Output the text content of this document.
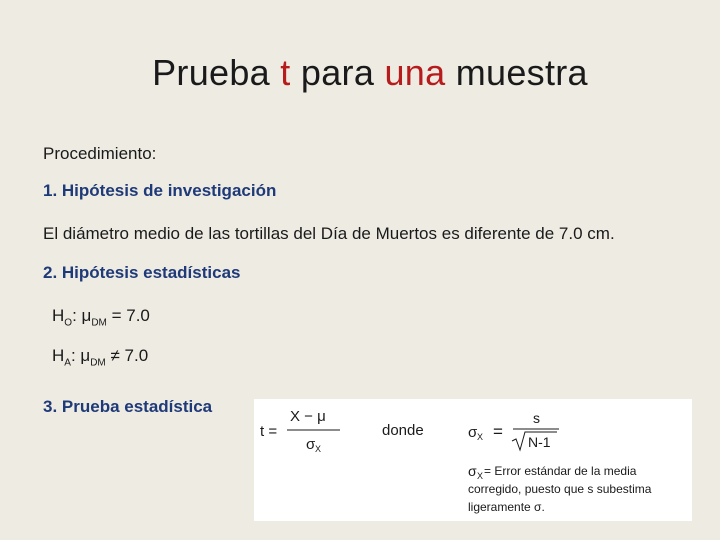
Prueba t para una muestra
Procedimiento:
1. Hipótesis de investigación
El diámetro medio de las tortillas del Día de Muertos es diferente de 7.0 cm.
2. Hipótesis estadísticas
$H_O$: $\mu_{DM} = 7.0$
$H_A$: $\mu_{DM} \ne 7.0$
3. Prueba estadística
t =
X − μ
σ X
donde	σ X =
s
N-1
σ X = Error estándar de la media
corregido, puesto que s subestima
ligeramente σ.
